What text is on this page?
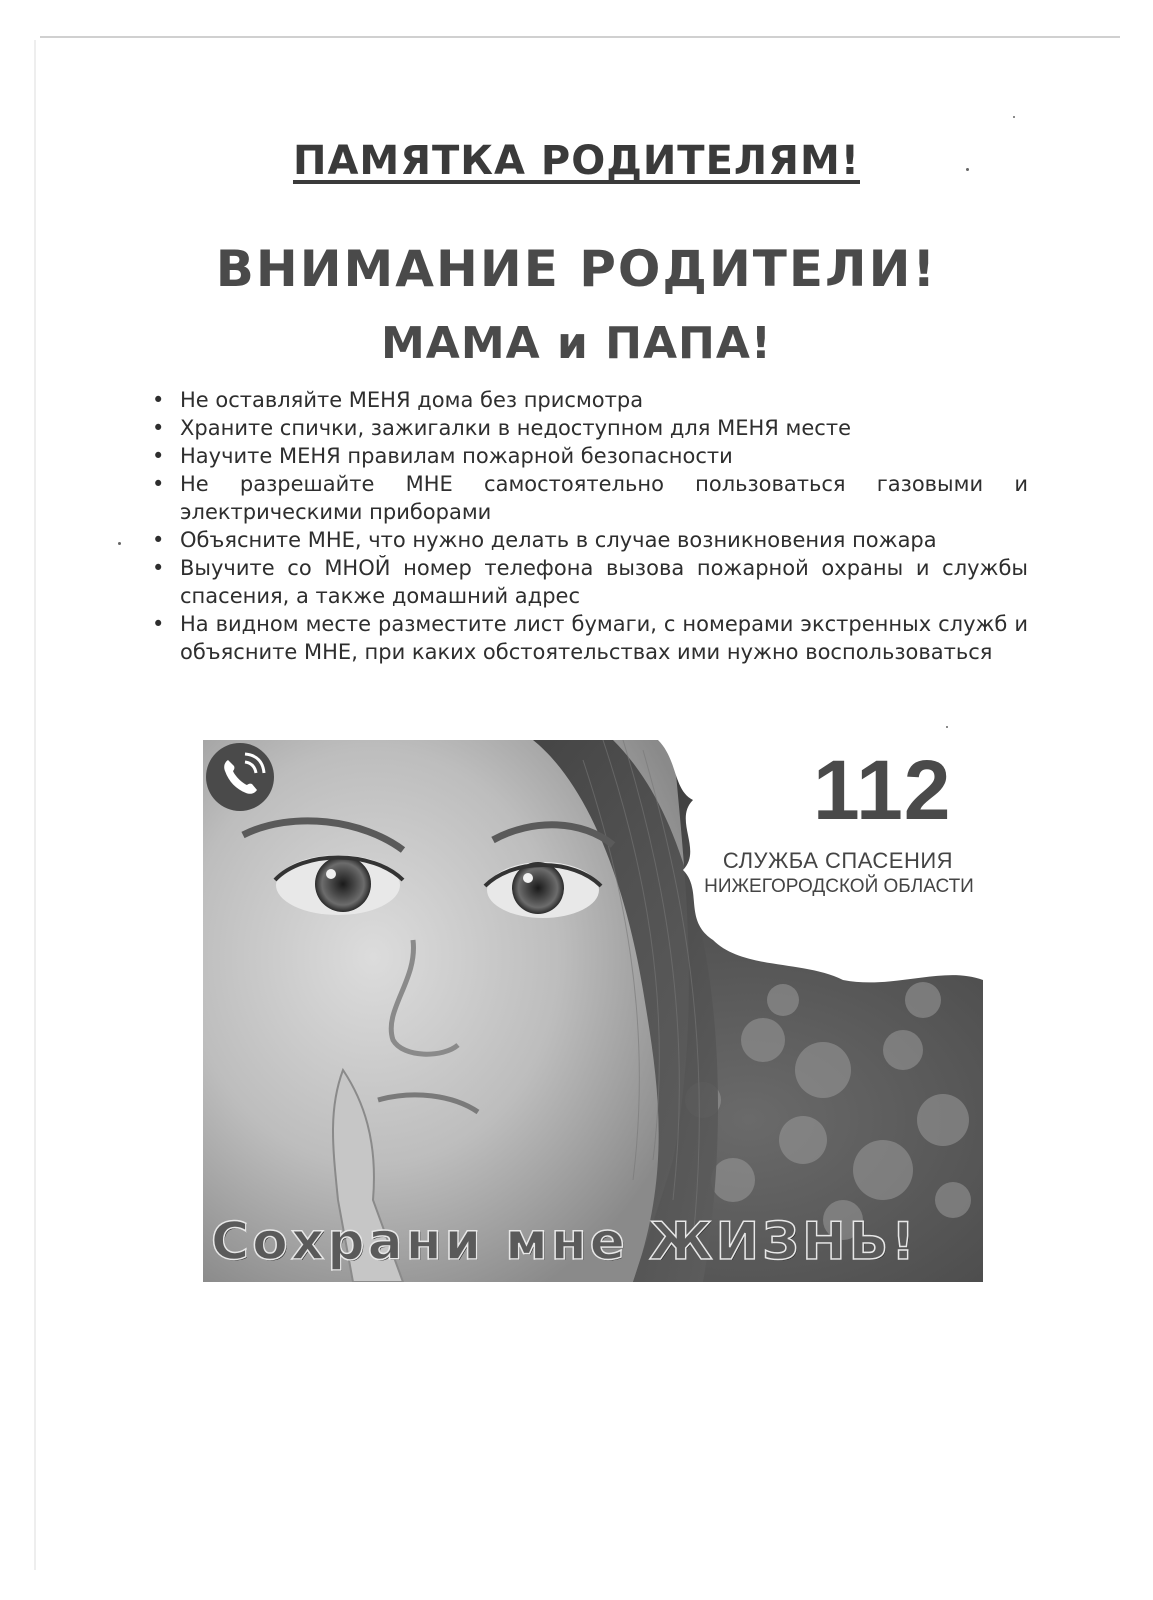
ПАМЯТКА РОДИТЕЛЯМ!
ВНИМАНИЕ РОДИТЕЛИ!
МАМА и ПАПА!
• Не оставляйте МЕНЯ дома без присмотра
• Храните спички, зажигалки в недоступном для МЕНЯ месте
• Научите МЕНЯ правилам пожарной безопасности
• Не разрешайте МНЕ самостоятельно пользоваться газовыми и электрическими приборами
• Объясните МНЕ, что нужно делать в случае возникновения пожара
• Выучите со МНОЙ номер телефона вызова пожарной охраны и службы спасения, а также домашний адрес
• На видном месте разместите лист бумаги, с номерами экстренных служб и объясните МНЕ, при каких обстоятельствах ими нужно воспользоваться
112
СЛУЖБА СПАСЕНИЯ
НИЖЕГОРОДСКОЙ ОБЛАСТИ
Сохрани мне ЖИЗНЬ!
